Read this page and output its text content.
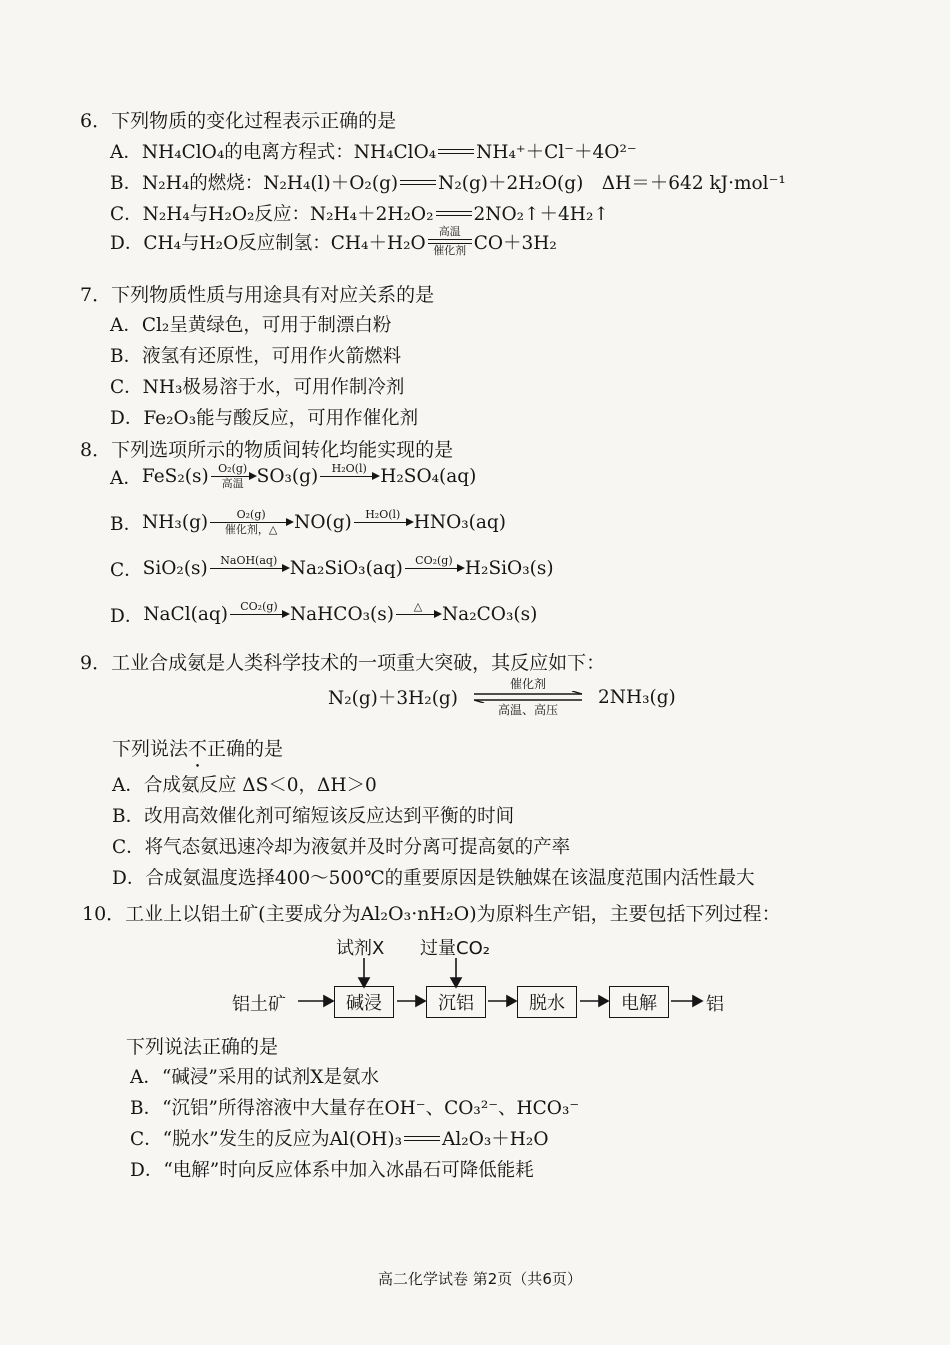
6．下列物质的变化过程表示正确的是
A． NH₄ClO₄的电离方程式：NH₄ClO₄ NH₄⁺＋Cl⁻＋4O²⁻
B． N₂H₄的燃烧：N₂H₄(l)＋O₂(g) N₂(g)＋2H₂O(g)　ΔH＝＋642 kJ·mol⁻¹
C． N₂H₄与H₂O₂反应：N₂H₄＋2H₂O₂ 2NO₂↑＋4H₂↑
D． CH₄与H₂O反应制氢：CH₄＋H₂O
高温
催化剂 CO＋3H₂
7．下列物质性质与用途具有对应关系的是
A．Cl₂呈黄绿色，可用于制漂白粉
B．液氢有还原性，可用作火箭燃料
C．NH₃极易溶于水，可用作制冷剂
D．Fe₂O₃能与酸反应，可用作催化剂
8．下列选项所示的物质间转化均能实现的是
A． FeS₂(s) O₂(g)
高温 SO₃(g) H₂O(l) H₂SO₄(aq)
B． NH₃(g)	O₂(g)
催化剂，△ NO(g) H₂O(l) HNO₃(aq)
C． SiO₂(s) NaOH(aq) Na₂SiO₃(aq) CO₂(g) H₂SiO₃(s)
D． NaCl(aq) CO₂(g) NaHCO₃(s) △ Na₂CO₃(s)
9．工业合成氨是人类科学技术的一项重大突破，其反应如下：
N₂(g)＋3H₂(g)
催化剂
高温、高压
2NH₃(g)
下列说法不正确的是
A．合成氨反应 ΔS＜0，ΔH＞0
B．改用高效催化剂可缩短该反应达到平衡的时间
C．将气态氨迅速冷却为液氨并及时分离可提高氨的产率
D．合成氨温度选择400～500℃的重要原因是铁触媒在该温度范围内活性最大
10．工业上以铝土矿(主要成分为Al₂O₃·nH₂O)为原料生产铝，主要包括下列过程：
试剂X 过量CO₂
铝土矿	碱浸	沉铝	脱水	电解	铝
下列说法正确的是
A．“碱浸”采用的试剂X是氨水
B．“沉铝”所得溶液中大量存在OH⁻、CO₃²⁻、HCO₃⁻
C．“脱水”发生的反应为Al(OH)₃ Al₂O₃＋H₂O
D．“电解”时向反应体系中加入冰晶石可降低能耗
高二化学试卷 第2页（共6页）
